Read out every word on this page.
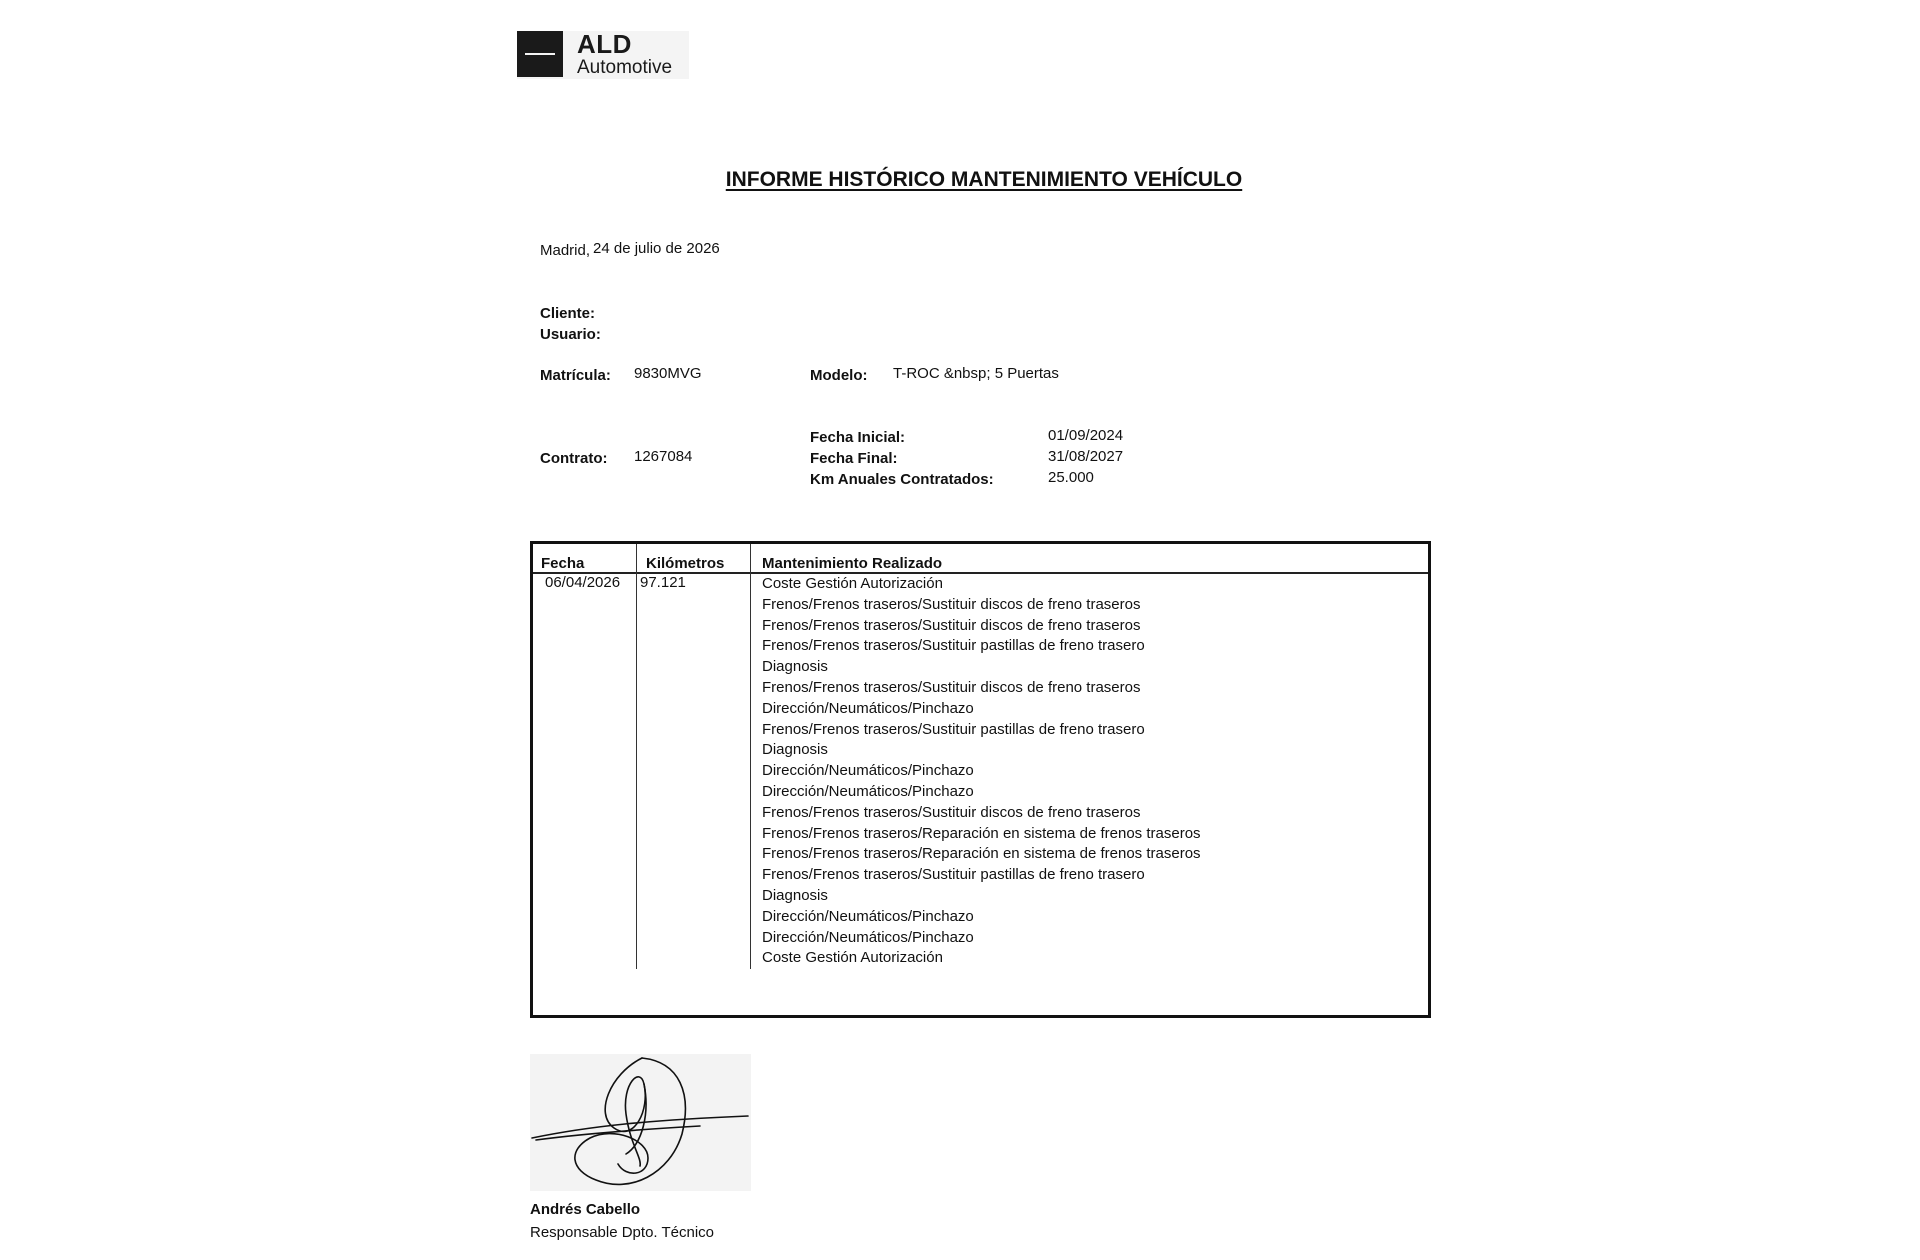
ALD
Automotive
INFORME HISTÓRICO MANTENIMIENTO VEHÍCULO
Madrid, 24 de julio de 2026
Cliente:
Usuario:
Matrícula: 9830MVG	Modelo: T-ROC &nbsp; 5 Puertas
Contrato: 1267084
Fecha Inicial:	01/09/2024
Fecha Final:	31/08/2027
Km Anuales Contratados:	25.000
Fecha	Kilómetros	Mantenimiento Realizado
06/04/2026 97.121	Coste Gestión Autorización
Frenos/Frenos traseros/Sustituir discos de freno traseros
Frenos/Frenos traseros/Sustituir discos de freno traseros
Frenos/Frenos traseros/Sustituir pastillas de freno trasero
Diagnosis
Frenos/Frenos traseros/Sustituir discos de freno traseros
Dirección/Neumáticos/Pinchazo
Frenos/Frenos traseros/Sustituir pastillas de freno trasero
Diagnosis
Dirección/Neumáticos/Pinchazo
Dirección/Neumáticos/Pinchazo
Frenos/Frenos traseros/Sustituir discos de freno traseros
Frenos/Frenos traseros/Reparación en sistema de frenos traseros
Frenos/Frenos traseros/Reparación en sistema de frenos traseros
Frenos/Frenos traseros/Sustituir pastillas de freno trasero
Diagnosis
Dirección/Neumáticos/Pinchazo
Dirección/Neumáticos/Pinchazo
Coste Gestión Autorización
Andrés Cabello
Responsable Dpto. Técnico
